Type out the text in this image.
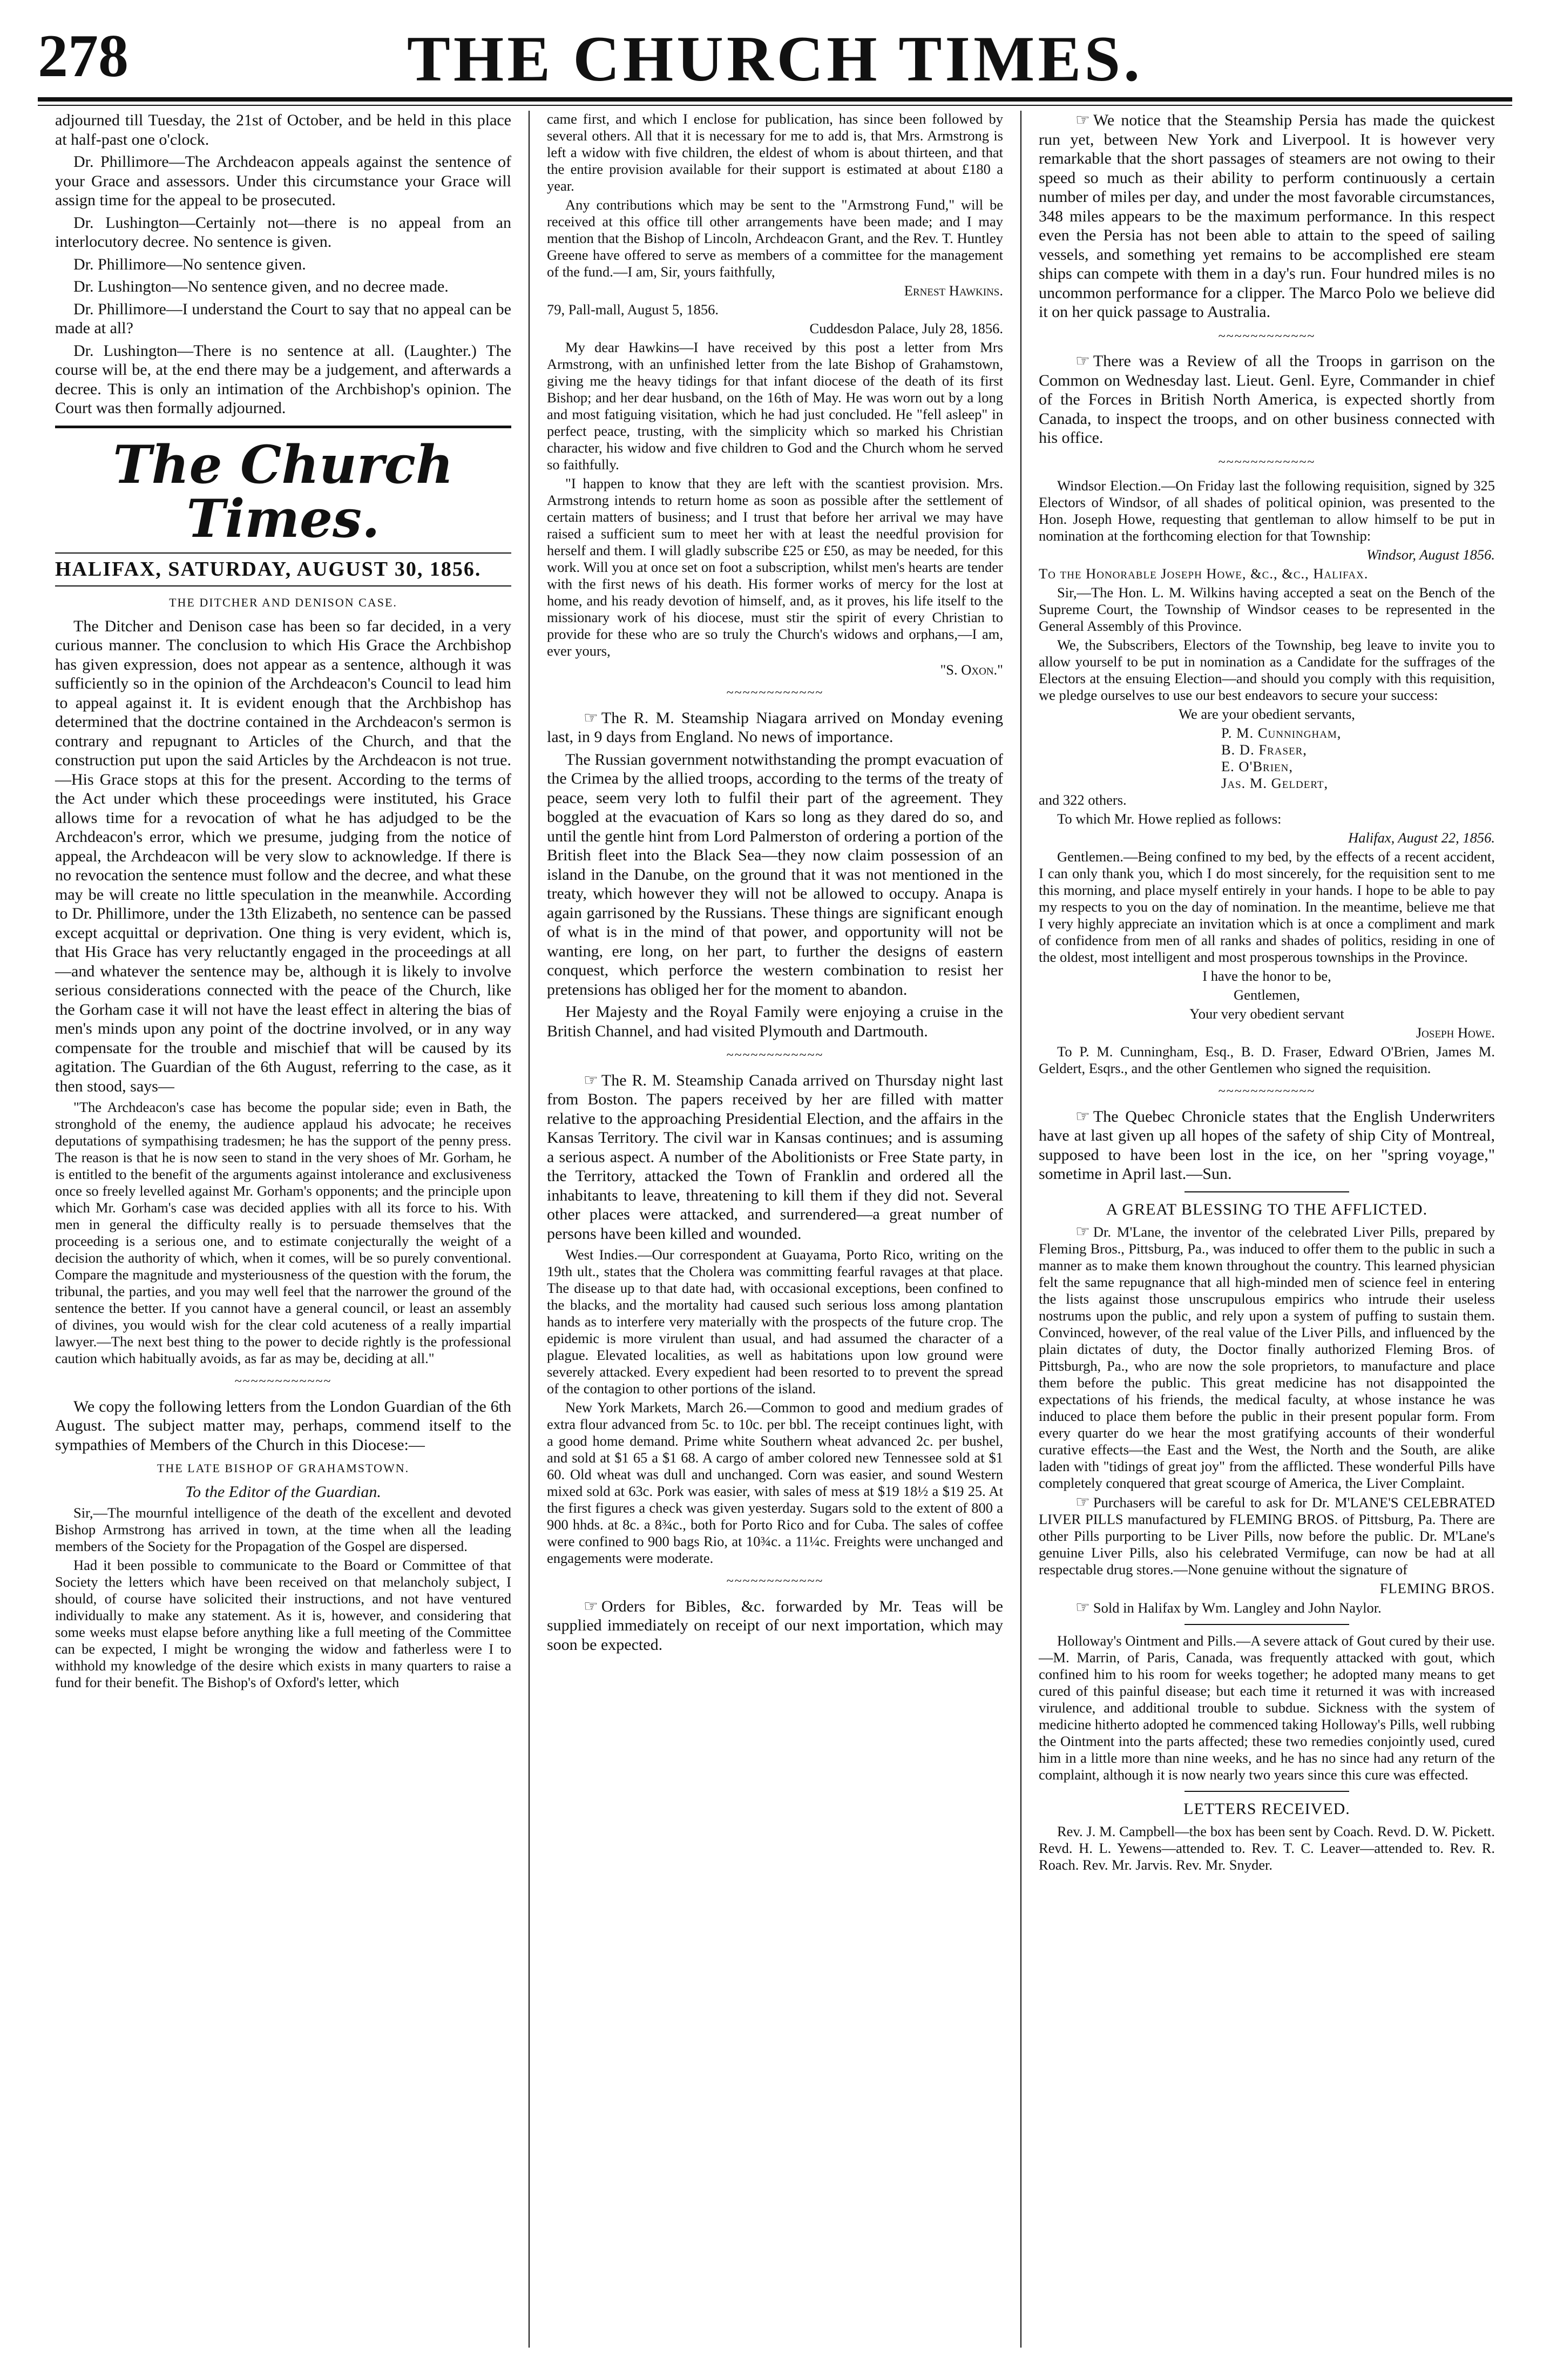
278	THE CHURCH TIMES.

adjourned till Tuesday, the 21st of October, and be held in this place at half-past one o'clock.

Dr. Phillimore—The Archdeacon appeals against the sentence of your Grace and assessors. Under this circumstance your Grace will assign time for the appeal to be prosecuted.

Dr. Lushington—Certainly not—there is no appeal from an interlocutory decree. No sentence is given.

Dr. Phillimore—No sentence given.

Dr. Lushington—No sentence given, and no decree made.

Dr. Phillimore—I understand the Court to say that no appeal can be made at all?

Dr. Lushington—There is no sentence at all. (Laughter.) The course will be, at the end there may be a judgement, and afterwards a decree. This is only an intimation of the Archbishop's opinion. The Court was then formally adjourned.

The Church Times.
HALIFAX, SATURDAY, AUGUST 30, 1856.
THE DITCHER AND DENISON CASE.

The Ditcher and Denison case has been so far decided, in a very curious manner. The conclusion to which His Grace the Archbishop has given expression, does not appear as a sentence, although it was sufficiently so in the opinion of the Archdeacon's Council to lead him to appeal against it. It is evident enough that the Archbishop has determined that the doctrine contained in the Archdeacon's sermon is contrary and repugnant to Articles of the Church, and that the construction put upon the said Articles by the Archdeacon is not true.—His Grace stops at this for the present. According to the terms of the Act under which these proceedings were instituted, his Grace allows time for a revocation of what he has adjudged to be the Archdeacon's error, which we presume, judging from the notice of appeal, the Archdeacon will be very slow to acknowledge. If there is no revocation the sentence must follow and the decree, and what these may be will create no little speculation in the meanwhile. According to Dr. Phillimore, under the 13th Elizabeth, no sentence can be passed except acquittal or deprivation. One thing is very evident, which is, that His Grace has very reluctantly engaged in the proceedings at all—and whatever the sentence may be, although it is likely to involve serious considerations connected with the peace of the Church, like the Gorham case it will not have the least effect in altering the bias of men's minds upon any point of the doctrine involved, or in any way compensate for the trouble and mischief that will be caused by its agitation. The Guardian of the 6th August, referring to the case, as it then stood, says—

"The Archdeacon's case has become the popular side; even in Bath, the stronghold of the enemy, the audience applaud his advocate; he receives deputations of sympathising tradesmen; he has the support of the penny press. The reason is that he is now seen to stand in the very shoes of Mr. Gorham, he is entitled to the benefit of the arguments against intolerance and exclusiveness once so freely levelled against Mr. Gorham's opponents; and the principle upon which Mr. Gorham's case was decided applies with all its force to his. With men in general the difficulty really is to persuade themselves that the proceeding is a serious one, and to estimate conjecturally the weight of a decision the authority of which, when it comes, will be so purely conventional. Compare the magnitude and mysteriousness of the question with the forum, the tribunal, the parties, and you may well feel that the narrower the ground of the sentence the better. If you cannot have a general council, or least an assembly of divines, you would wish for the clear cold acuteness of a really impartial lawyer.—The next best thing to the power to decide rightly is the professional caution which habitually avoids, as far as may be, deciding at all."

~~~~~~~~~~~~

We copy the following letters from the London Guardian of the 6th August. The subject matter may, perhaps, commend itself to the sympathies of Members of the Church in this Diocese:—

THE LATE BISHOP OF GRAHAMSTOWN.

To the Editor of the Guardian.

Sir,—The mournful intelligence of the death of the excellent and devoted Bishop Armstrong has arrived in town, at the time when all the leading members of the Society for the Propagation of the Gospel are dispersed.

Had it been possible to communicate to the Board or Committee of that Society the letters which have been received on that melancholy subject, I should, of course have solicited their instructions, and not have ventured individually to make any statement. As it is, however, and considering that some weeks must elapse before anything like a full meeting of the Committee can be expected, I might be wronging the widow and fatherless were I to withhold my knowledge of the desire which exists in many quarters to raise a fund for their benefit. The Bishop's of Oxford's letter, which

came first, and which I enclose for publication, has since been followed by several others. All that it is necessary for me to add is, that Mrs. Armstrong is left a widow with five children, the eldest of whom is about thirteen, and that the entire provision available for their support is estimated at about £180 a year.

Any contributions which may be sent to the "Armstrong Fund," will be received at this office till other arrangements have been made; and I may mention that the Bishop of Lincoln, Archdeacon Grant, and the Rev. T. Huntley Greene have offered to serve as members of a committee for the management of the fund.—I am, Sir, yours faithfully,

Ernest Hawkins.

79, Pall-mall, August 5, 1856.

Cuddesdon Palace, July 28, 1856.

My dear Hawkins—I have received by this post a letter from Mrs Armstrong, with an unfinished letter from the late Bishop of Grahamstown, giving me the heavy tidings for that infant diocese of the death of its first Bishop; and her dear husband, on the 16th of May. He was worn out by a long and most fatiguing visitation, which he had just concluded. He "fell asleep" in perfect peace, trusting, with the simplicity which so marked his Christian character, his widow and five children to God and the Church whom he served so faithfully.

"I happen to know that they are left with the scantiest provision. Mrs. Armstrong intends to return home as soon as possible after the settlement of certain matters of business; and I trust that before her arrival we may have raised a sufficient sum to meet her with at least the needful provision for herself and them. I will gladly subscribe £25 or £50, as may be needed, for this work. Will you at once set on foot a subscription, whilst men's hearts are tender with the first news of his death. His former works of mercy for the lost at home, and his ready devotion of himself, and, as it proves, his life itself to the missionary work of his diocese, must stir the spirit of every Christian to provide for these who are so truly the Church's widows and orphans,—I am, ever yours,

"S. Oxon."

~~~~~~~~~~~~

☞ The R. M. Steamship Niagara arrived on Monday evening last, in 9 days from England. No news of importance.

The Russian government notwithstanding the prompt evacuation of the Crimea by the allied troops, according to the terms of the treaty of peace, seem very loth to fulfil their part of the agreement. They boggled at the evacuation of Kars so long as they dared do so, and until the gentle hint from Lord Palmerston of ordering a portion of the British fleet into the Black Sea—they now claim possession of an island in the Danube, on the ground that it was not mentioned in the treaty, which however they will not be allowed to occupy. Anapa is again garrisoned by the Russians. These things are significant enough of what is in the mind of that power, and opportunity will not be wanting, ere long, on her part, to further the designs of eastern conquest, which perforce the western combination to resist her pretensions has obliged her for the moment to abandon.

Her Majesty and the Royal Family were enjoying a cruise in the British Channel, and had visited Plymouth and Dartmouth.

~~~~~~~~~~~~

☞ The R. M. Steamship Canada arrived on Thursday night last from Boston. The papers received by her are filled with matter relative to the approaching Presidential Election, and the affairs in the Kansas Territory. The civil war in Kansas continues; and is assuming a serious aspect. A number of the Abolitionists or Free State party, in the Territory, attacked the Town of Franklin and ordered all the inhabitants to leave, threatening to kill them if they did not. Several other places were attacked, and surrendered—a great number of persons have been killed and wounded.

West Indies.—Our correspondent at Guayama, Porto Rico, writing on the 19th ult., states that the Cholera was committing fearful ravages at that place. The disease up to that date had, with occasional exceptions, been confined to the blacks, and the mortality had caused such serious loss among plantation hands as to interfere very materially with the prospects of the future crop. The epidemic is more virulent than usual, and had assumed the character of a plague. Elevated localities, as well as habitations upon low ground were severely attacked. Every expedient had been resorted to to prevent the spread of the contagion to other portions of the island.

New York Markets, March 26.—Common to good and medium grades of extra flour advanced from 5c. to 10c. per bbl. The receipt continues light, with a good home demand. Prime white Southern wheat advanced 2c. per bushel, and sold at $1 65 a $1 68. A cargo of amber colored new Tennessee sold at $1 60. Old wheat was dull and unchanged. Corn was easier, and sound Western mixed sold at 63c. Pork was easier, with sales of mess at $19 18½ a $19 25. At the first figures a check was given yesterday. Sugars sold to the extent of 800 a 900 hhds. at 8c. a 8¾c., both for Porto Rico and for Cuba. The sales of coffee were confined to 900 bags Rio, at 10¾c. a 11¼c. Freights were unchanged and engagements were moderate.

~~~~~~~~~~~~

☞ Orders for Bibles, &c. forwarded by Mr. Teas will be supplied immediately on receipt of our next importation, which may soon be expected.

☞ We notice that the Steamship Persia has made the quickest run yet, between New York and Liverpool. It is however very remarkable that the short passages of steamers are not owing to their speed so much as their ability to perform continuously a certain number of miles per day, and under the most favorable circumstances, 348 miles appears to be the maximum performance. In this respect even the Persia has not been able to attain to the speed of sailing vessels, and something yet remains to be accomplished ere steam ships can compete with them in a day's run. Four hundred miles is no uncommon performance for a clipper. The Marco Polo we believe did it on her quick passage to Australia.

~~~~~~~~~~~~

☞ There was a Review of all the Troops in garrison on the Common on Wednesday last. Lieut. Genl. Eyre, Commander in chief of the Forces in British North America, is expected shortly from Canada, to inspect the troops, and on other business connected with his office.

~~~~~~~~~~~~

Windsor Election.—On Friday last the following requisition, signed by 325 Electors of Windsor, of all shades of political opinion, was presented to the Hon. Joseph Howe, requesting that gentleman to allow himself to be put in nomination at the forthcoming election for that Township:

Windsor, August 1856.

To the Honorable Joseph Howe, &c., &c., Halifax.

Sir,—The Hon. L. M. Wilkins having accepted a seat on the Bench of the Supreme Court, the Township of Windsor ceases to be represented in the General Assembly of this Province.

We, the Subscribers, Electors of the Township, beg leave to invite you to allow yourself to be put in nomination as a Candidate for the suffrages of the Electors at the ensuing Election—and should you comply with this requisition, we pledge ourselves to use our best endeavors to secure your success:

We are your obedient servants,

P. M. Cunningham,
B. D. Fraser,
E. O'Brien,
Jas. M. Geldert,

and 322 others.

To which Mr. Howe replied as follows:

Halifax, August 22, 1856.

Gentlemen.—Being confined to my bed, by the effects of a recent accident, I can only thank you, which I do most sincerely, for the requisition sent to me this morning, and place myself entirely in your hands. I hope to be able to pay my respects to you on the day of nomination. In the meantime, believe me that I very highly appreciate an invitation which is at once a compliment and mark of confidence from men of all ranks and shades of politics, residing in one of the oldest, most intelligent and most prosperous townships in the Province.

I have the honor to be,

Gentlemen,

Your very obedient servant

Joseph Howe.

To P. M. Cunningham, Esq., B. D. Fraser, Edward O'Brien, James M. Geldert, Esqrs., and the other Gentlemen who signed the requisition.

~~~~~~~~~~~~

☞ The Quebec Chronicle states that the English Underwriters have at last given up all hopes of the safety of ship City of Montreal, supposed to have been lost in the ice, on her "spring voyage," sometime in April last.—Sun.

A GREAT BLESSING TO THE AFFLICTED.

☞ Dr. M'Lane, the inventor of the celebrated Liver Pills, prepared by Fleming Bros., Pittsburg, Pa., was induced to offer them to the public in such a manner as to make them known throughout the country. This learned physician felt the same repugnance that all high-minded men of science feel in entering the lists against those unscrupulous empirics who intrude their useless nostrums upon the public, and rely upon a system of puffing to sustain them. Convinced, however, of the real value of the Liver Pills, and influenced by the plain dictates of duty, the Doctor finally authorized Fleming Bros. of Pittsburgh, Pa., who are now the sole proprietors, to manufacture and place them before the public. This great medicine has not disappointed the expectations of his friends, the medical faculty, at whose instance he was induced to place them before the public in their present popular form. From every quarter do we hear the most gratifying accounts of their wonderful curative effects—the East and the West, the North and the South, are alike laden with "tidings of great joy" from the afflicted. These wonderful Pills have completely conquered that great scourge of America, the Liver Complaint.

☞ Purchasers will be careful to ask for Dr. M'LANE'S CELEBRATED LIVER PILLS manufactured by FLEMING BROS. of Pittsburg, Pa. There are other Pills purporting to be Liver Pills, now before the public. Dr. M'Lane's genuine Liver Pills, also his celebrated Vermifuge, can now be had at all respectable drug stores.—None genuine without the signature of

FLEMING BROS.

☞ Sold in Halifax by Wm. Langley and John Naylor.

Holloway's Ointment and Pills.—A severe attack of Gout cured by their use.—M. Marrin, of Paris, Canada, was frequently attacked with gout, which confined him to his room for weeks together; he adopted many means to get cured of this painful disease; but each time it returned it was with increased virulence, and additional trouble to subdue. Sickness with the system of medicine hitherto adopted he commenced taking Holloway's Pills, well rubbing the Ointment into the parts affected; these two remedies conjointly used, cured him in a little more than nine weeks, and he has no since had any return of the complaint, although it is now nearly two years since this cure was effected.

LETTERS RECEIVED.

Rev. J. M. Campbell—the box has been sent by Coach. Revd. D. W. Pickett. Revd. H. L. Yewens—attended to. Rev. T. C. Leaver—attended to. Rev. R. Roach. Rev. Mr. Jarvis. Rev. Mr. Snyder.
